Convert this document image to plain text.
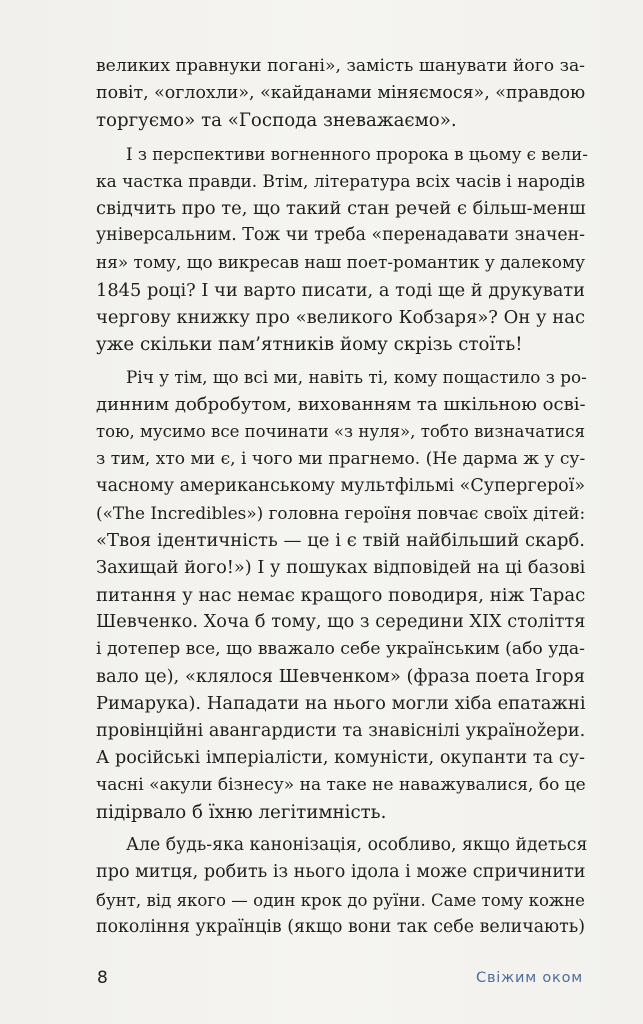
великих правнуки погані», замість шанувати його за-
повіт, «оглохли», «кайданами міняємося», «правдою
торгуємо» та «Господа зневажаємо».
І з перспективи вогненного пророка в цьому є вели-
ка частка правди. Втім, література всіх часів і народів
свідчить про те, що такий стан речей є більш-менш
універсальним. Тож чи треба «перенадавати значен-
ня» тому, що викресав наш поет-романтик у далекому
1845 році? І чи варто писати, а тоді ще й друкувати
чергову книжку про «великого Кобзаря»? Он у нас
уже скільки пам’ятників йому скрізь стоїть!
Річ у тім, що всі ми, навіть ті, кому пощастило з ро-
динним добробутом, вихованням та шкільною осві-
тою, мусимо все починати «з нуля», тобто визначатися
з тим, хто ми є, і чого ми прагнемо. (Не дарма ж у су-
часному американському мультфільмі «Супергерої»
(«The Incredibles») головна героїня повчає своїх дітей:
«Твоя ідентичність — це і є твій найбільший скарб.
Захищай його!») І у пошуках відповідей на ці базові
питання у нас немає кращого поводиря, ніж Тарас
Шевченко. Хоча б тому, що з середини XIX століття
і дотепер все, що вважало себе українським (або уда-
вало це), «клялося Шевченком» (фраза поета Ігоря
Римарука). Нападати на нього могли хіба епатажні
провінційні авангардисти та знавіснілі українožери.
А російські імперіалісти, комуністи, окупанти та су-
часні «акули бізнесу» на таке не наважувалися, бо це
підірвало б їхню легітимність.
Але будь-яка канонізація, особливо, якщо йдеться
про митця, робить із нього ідола і може спричинити
бунт, від якого — один крок до руїни. Саме тому кожне
покоління українців (якщо вони так себе величають)
8	Свіжим оком
